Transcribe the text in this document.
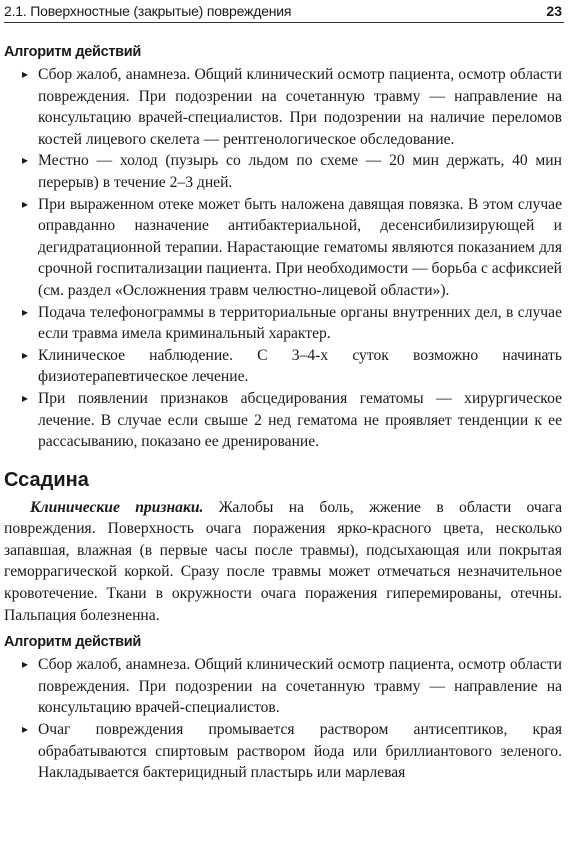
2.1. Поверхностные (закрытые) повреждения	23
Алгоритм действий
▸ Сбор жалоб, анамнеза. Общий клинический осмотр пациента, осмотр области повреждения. При подозрении на сочетанную травму — направление на консультацию врачей-специалистов. При подозрении на наличие переломов костей лицевого скелета — рентгенологическое обследование.
▸ Местно — холод (пузырь со льдом по схеме — 20 мин держать, 40 мин перерыв) в течение 2–3 дней.
▸ При выраженном отеке может быть наложена давящая повязка. В этом случае оправданно назначение антибактериальной, десенсибилизирующей и дегидратационной терапии. Нарастающие гематомы являются показанием для срочной госпитализации пациента. При необходимости — борьба с асфиксией (см. раздел «Осложнения травм челюстно-лицевой области»).
▸ Подача телефонограммы в территориальные органы внутренних дел, в случае если травма имела криминальный характер.
▸ Клиническое наблюдение. С 3–4-х суток возможно начинать физиотерапевтическое лечение.
▸ При появлении признаков абсцедирования гематомы — хирургическое лечение. В случае если свыше 2 нед гематома не проявляет тенденции к ее рассасыванию, показано ее дренирование.
Ссадина

Клинические признаки. Жалобы на боль, жжение в области очага повреждения. Поверхность очага поражения ярко-красного цвета, несколько запавшая, влажная (в первые часы после травмы), подсыхающая или покрытая геморрагической коркой. Сразу после травмы может отмечаться незначительное кровотечение. Ткани в окружности очага поражения гиперемированы, отечны. Пальпация болезненна.

Алгоритм действий
▸ Сбор жалоб, анамнеза. Общий клинический осмотр пациента, осмотр области повреждения. При подозрении на сочетанную травму — направление на консультацию врачей-специалистов.
▸ Очаг повреждения промывается раствором антисептиков, края обрабатываются спиртовым раствором йода или бриллиантового зеленого. Накладывается бактерицидный пластырь или марлевая
